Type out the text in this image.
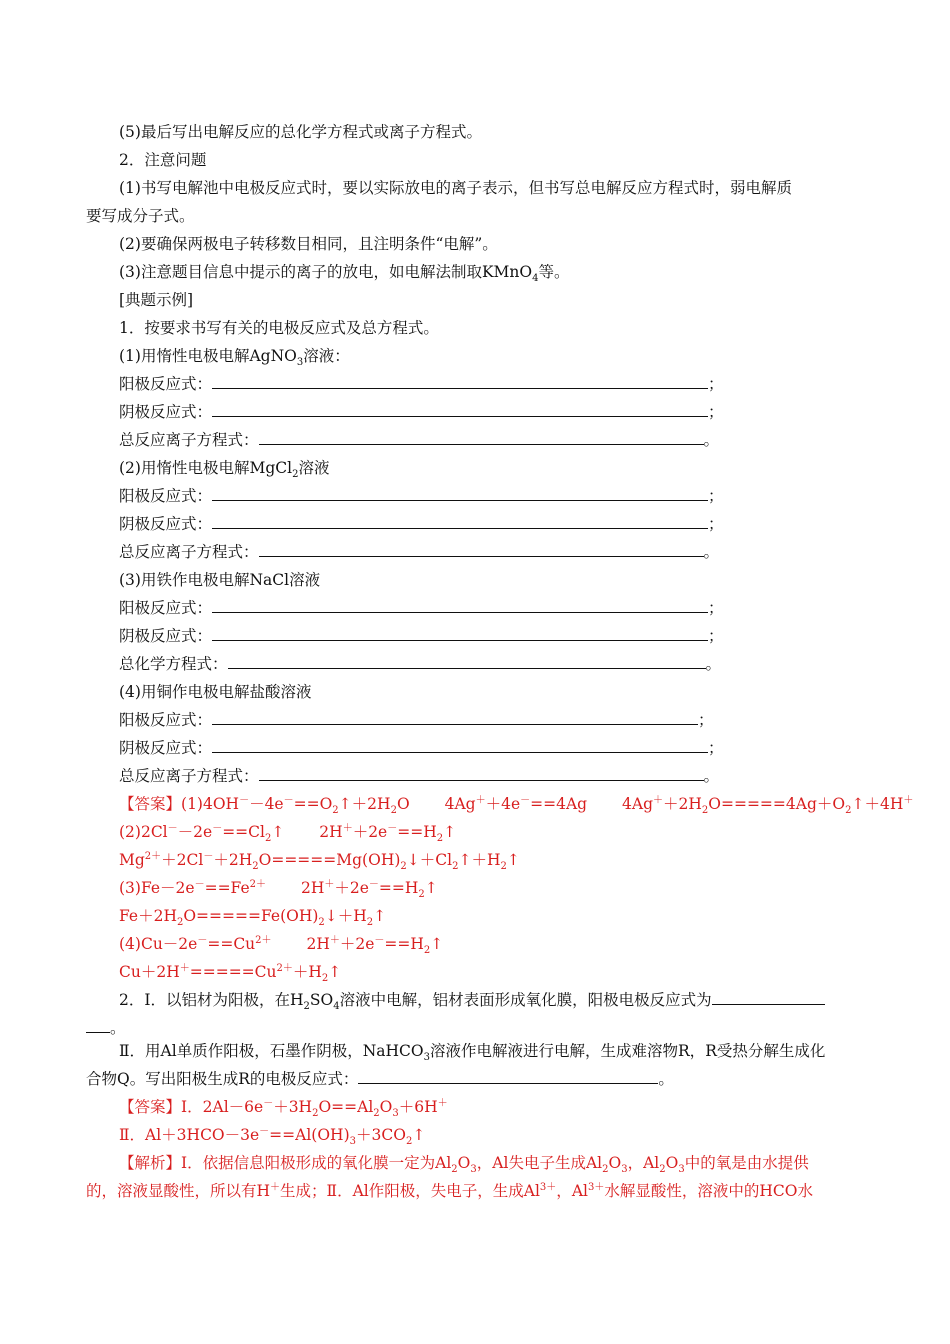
(5)最后写出电解反应的总化学方程式或离子方程式。
2．注意问题
(1)书写电解池中电极反应式时，要以实际放电的离子表示，但书写总电解反应方程式时，弱电解质
要写成分子式。
(2)要确保两极电子转移数目相同，且注明条件“电解”。
(3)注意题目信息中提示的离子的放电，如电解法制取KMnO$_4$等。
[典题示例]
1．按要求书写有关的电极反应式及总方程式。
(1)用惰性电极电解AgNO$_3$溶液：
阳极反应式：	；
阴极反应式：	；
总反应离子方程式：	。
(2)用惰性电极电解MgCl$_2$溶液
阳极反应式：	；
阴极反应式：	；
总反应离子方程式：	。
(3)用铁作电极电解NaCl溶液
阳极反应式：	；
阴极反应式：	；
总化学方程式：	。
(4)用铜作电极电解盐酸溶液
阳极反应式：	；
阴极反应式：	；
总反应离子方程式：	。
【答案】$(1)4OH^--4e^-==O_2↑+2H_2O$ 4Ag＋＋4e－==4Ag $4Ag^++2H_2O=====4Ag+O_2↑+4H^+$
$(2)2Cl^--2e^-==Cl_2↑$ $2H^++2e^-==H_2↑$
$Mg^{2+}+2Cl^-+2H_2O=====Mg(OH)_2↓+Cl_2↑+H_2↑$
$(3)Fe-2e^-==Fe^{2+}$ $2H^++2e^-==H_2↑$
$Fe+2H_2O=====Fe(OH)_2↓+H_2↑$
$(4)Cu-2e^-==Cu^{2+}$ $2H^++2e^-==H_2↑$
$Cu+2H^+=====Cu^{2+}+H_2↑$
2．Ⅰ．以铝材为阳极，在$H_2SO_4$溶液中电解，铝材表面形成氧化膜，阳极电极反应式为
。
Ⅱ．用Al单质作阳极，石墨作阴极，NaHCO$_3$溶液作电解液进行电解，生成难溶物R，R受热分解生成化
合物Q。写出阳极生成R的电极反应式：	。
【答案】Ⅰ．$2Al-6e^-+3H_2O==Al_2O_3+6H^+$
Ⅱ．$Al+3HCO-3e^-==Al(OH)_3+3CO_2↑$
【解析】Ⅰ．依据信息阳极形成的氧化膜一定为$Al_2O_3$，Al失电子生成$Al_2O_3$，$Al_2O_3$中的氧是由水提供
的，溶液显酸性，所以有H＋生成；Ⅱ．Al作阳极，失电子，生成$Al^{3+}$，$Al^{3+}$水解显酸性，溶液中的HCO水
